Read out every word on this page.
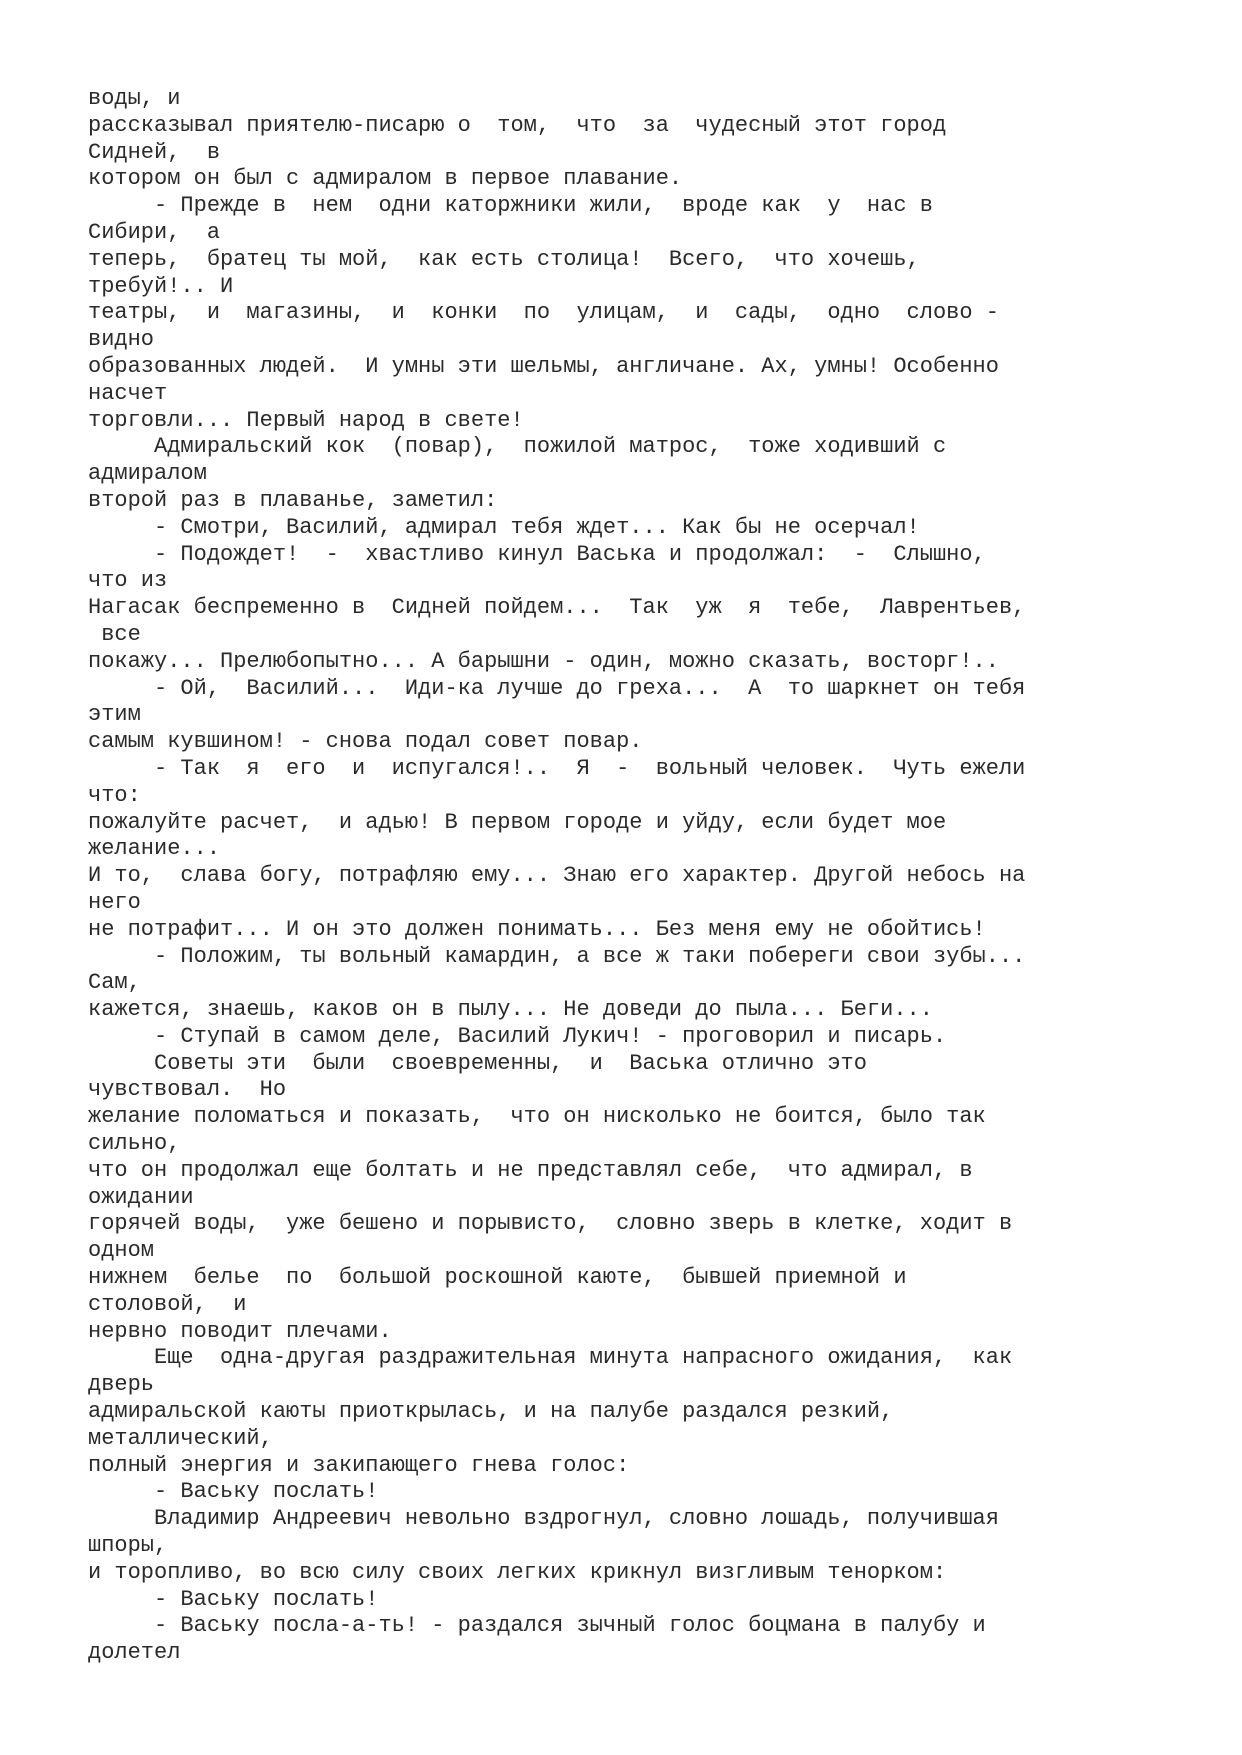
воды, и
рассказывал приятелю-писарю о  том,  что  за  чудесный этот город
Сидней,  в
котором он был с адмиралом в первое плавание.
- Прежде в  нем  одни каторжники жили,  вроде как  у  нас в
Сибири,  а
теперь,  братец ты мой,  как есть столица!  Всего,  что хочешь,
требуй!.. И
театры,  и  магазины,  и  конки  по  улицам,  и  сады,  одно  слово -
видно
образованных людей.  И умны эти шельмы, англичане. Ах, умны! Особенно
насчет
торговли... Первый народ в свете!
Адмиральский кок  (повар),  пожилой матрос,  тоже ходивший с
адмиралом
второй раз в плаванье, заметил:
- Смотри, Василий, адмирал тебя ждет... Как бы не осерчал!
- Подождет!  -  хвастливо кинул Васька и продолжал:  -  Слышно,
что из
Нагасак беспременно в  Сидней пойдем...  Так  уж  я  тебе,  Лаврентьев,
все
покажу... Прелюбопытно... А барышни - один, можно сказать, восторг!..
- Ой,  Василий...  Иди-ка лучше до греха...  А  то шаркнет он тебя
этим
самым кувшином! - снова подал совет повар.
- Так  я  его  и  испугался!..  Я  -  вольный человек.  Чуть ежели
что:
пожалуйте расчет,  и адью! В первом городе и уйду, если будет мое
желание...
И то,  слава богу, потрафляю ему... Знаю его характер. Другой небось на
него
не потрафит... И он это должен понимать... Без меня ему не обойтись!
- Положим, ты вольный камардин, а все ж таки побереги свои зубы...
Сам,
кажется, знаешь, каков он в пылу... Не доведи до пыла... Беги...
- Ступай в самом деле, Василий Лукич! - проговорил и писарь.
Советы эти  были  своевременны,  и  Васька отлично это
чувствовал.  Но
желание поломаться и показать,  что он нисколько не боится, было так
сильно,
что он продолжал еще болтать и не представлял себе,  что адмирал, в
ожидании
горячей воды,  уже бешено и порывисто,  словно зверь в клетке, ходит в
одном
нижнем  белье  по  большой роскошной каюте,  бывшей приемной и
столовой,  и
нервно поводит плечами.
Еще  одна-другая раздражительная минута напрасного ожидания,  как
дверь
адмиральской каюты приоткрылась, и на палубе раздался резкий,
металлический,
полный энергия и закипающего гнева голос:
- Ваську послать!
Владимир Андреевич невольно вздрогнул, словно лошадь, получившая
шпоры,
и торопливо, во всю силу своих легких крикнул визгливым тенорком:
- Ваську послать!
- Ваську посла-а-ть! - раздался зычный голос боцмана в палубу и
долетел
